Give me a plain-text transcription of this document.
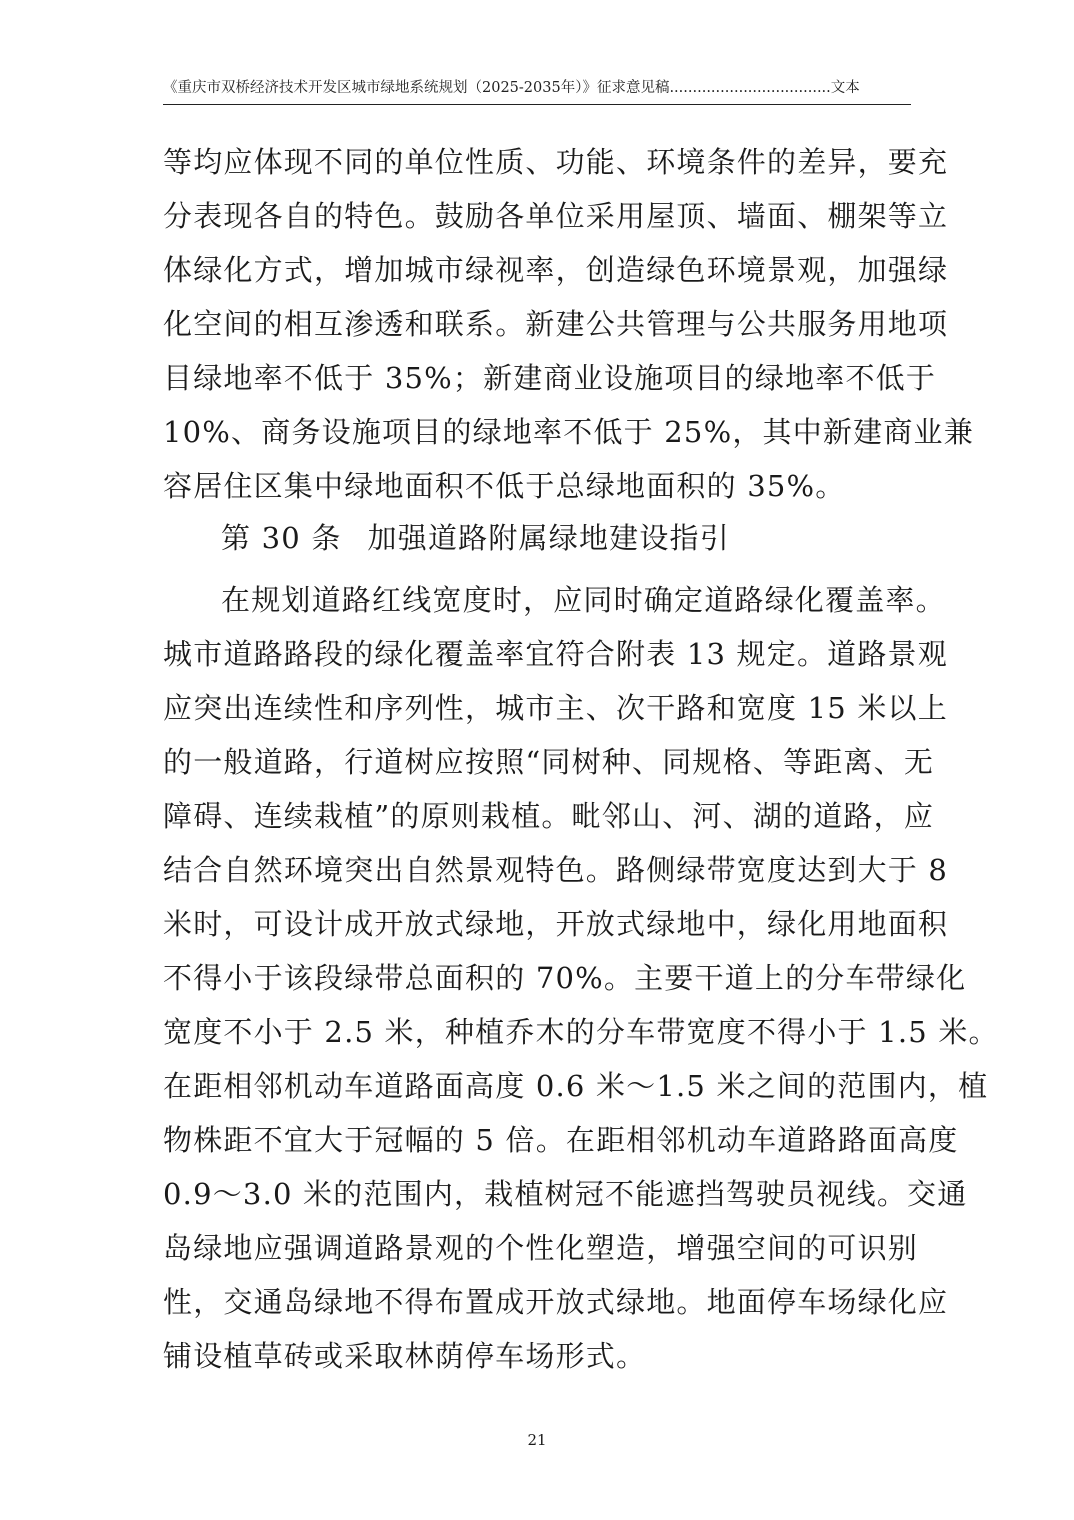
《重庆市双桥经济技术开发区城市绿地系统规划（2025-2035年）》征求意见稿...................................文本
等均应体现不同的单位性质、功能、环境条件的差异，要充
分表现各自的特色。鼓励各单位采用屋顶、墙面、棚架等立
体绿化方式，增加城市绿视率，创造绿色环境景观，加强绿
化空间的相互渗透和联系。新建公共管理与公共服务用地项
目绿地率不低于 35%；新建商业设施项目的绿地率不低于
10%、商务设施项目的绿地率不低于 25%，其中新建商业兼
容居住区集中绿地面积不低于总绿地面积的 35%。
第 30 条 加强道路附属绿地建设指引
在规划道路红线宽度时，应同时确定道路绿化覆盖率。
城市道路路段的绿化覆盖率宜符合附表 13 规定。道路景观
应突出连续性和序列性，城市主、次干路和宽度 15 米以上
的一般道路，行道树应按照“同树种、同规格、等距离、无
障碍、连续栽植”的原则栽植。毗邻山、河、湖的道路，应
结合自然环境突出自然景观特色。路侧绿带宽度达到大于 8
米时，可设计成开放式绿地，开放式绿地中，绿化用地面积
不得小于该段绿带总面积的 70%。主要干道上的分车带绿化
宽度不小于 2.5 米，种植乔木的分车带宽度不得小于 1.5 米。
在距相邻机动车道路面高度 0.6 米～1.5 米之间的范围内，植
物株距不宜大于冠幅的 5 倍。在距相邻机动车道路路面高度
0.9～3.0 米的范围内，栽植树冠不能遮挡驾驶员视线。交通
岛绿地应强调道路景观的个性化塑造，增强空间的可识别
性，交通岛绿地不得布置成开放式绿地。地面停车场绿化应
铺设植草砖或采取林荫停车场形式。
21
